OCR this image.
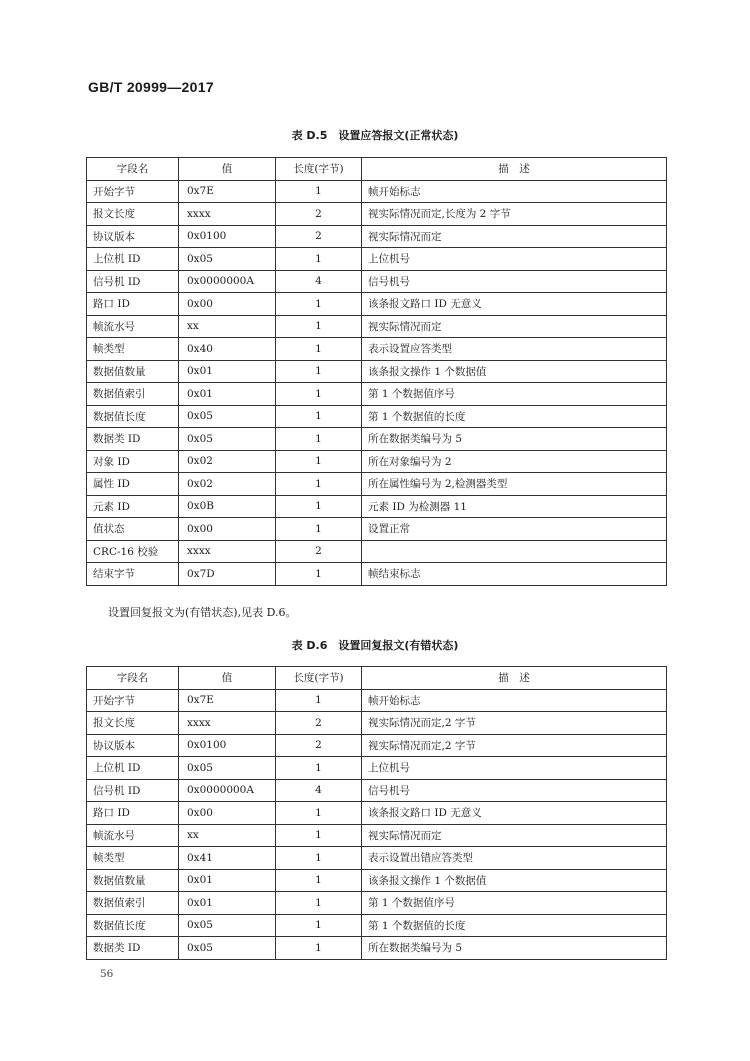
GB/T 20999—2017
表 D.5　设置应答报文(正常状态)
字段名	值	长度(字节)	描　述
开始字节	0x7E	1	帧开始标志
报文长度	xxxx	2	视实际情况而定,长度为 2 字节
协议版本	0x0100	2	视实际情况而定
上位机 ID	0x05	1	上位机号
信号机 ID	0x0000000A	4	信号机号
路口 ID	0x00	1	该条报文路口 ID 无意义
帧流水号	xx	1	视实际情况而定
帧类型	0x40	1	表示设置应答类型
数据值数量	0x01	1	该条报文操作 1 个数据值
数据值索引	0x01	1	第 1 个数据值序号
数据值长度	0x05	1	第 1 个数据值的长度
数据类 ID	0x05	1	所在数据类编号为 5
对象 ID	0x02	1	所在对象编号为 2
属性 ID	0x02	1	所在属性编号为 2,检测器类型
元素 ID	0x0B	1	元素 ID 为检测器 11
值状态	0x00	1	设置正常
CRC-16 校验	xxxx	2	
结束字节	0x7D	1	帧结束标志
设置回复报文为(有错状态),见表 D.6。
表 D.6　设置回复报文(有错状态)
字段名	值	长度(字节)	描　述
开始字节	0x7E	1	帧开始标志
报文长度	xxxx	2	视实际情况而定,2 字节
协议版本	0x0100	2	视实际情况而定,2 字节
上位机 ID	0x05	1	上位机号
信号机 ID	0x0000000A	4	信号机号
路口 ID	0x00	1	该条报文路口 ID 无意义
帧流水号	xx	1	视实际情况而定
帧类型	0x41	1	表示设置出错应答类型
数据值数量	0x01	1	该条报文操作 1 个数据值
数据值索引	0x01	1	第 1 个数据值序号
数据值长度	0x05	1	第 1 个数据值的长度
数据类 ID	0x05	1	所在数据类编号为 5
56
